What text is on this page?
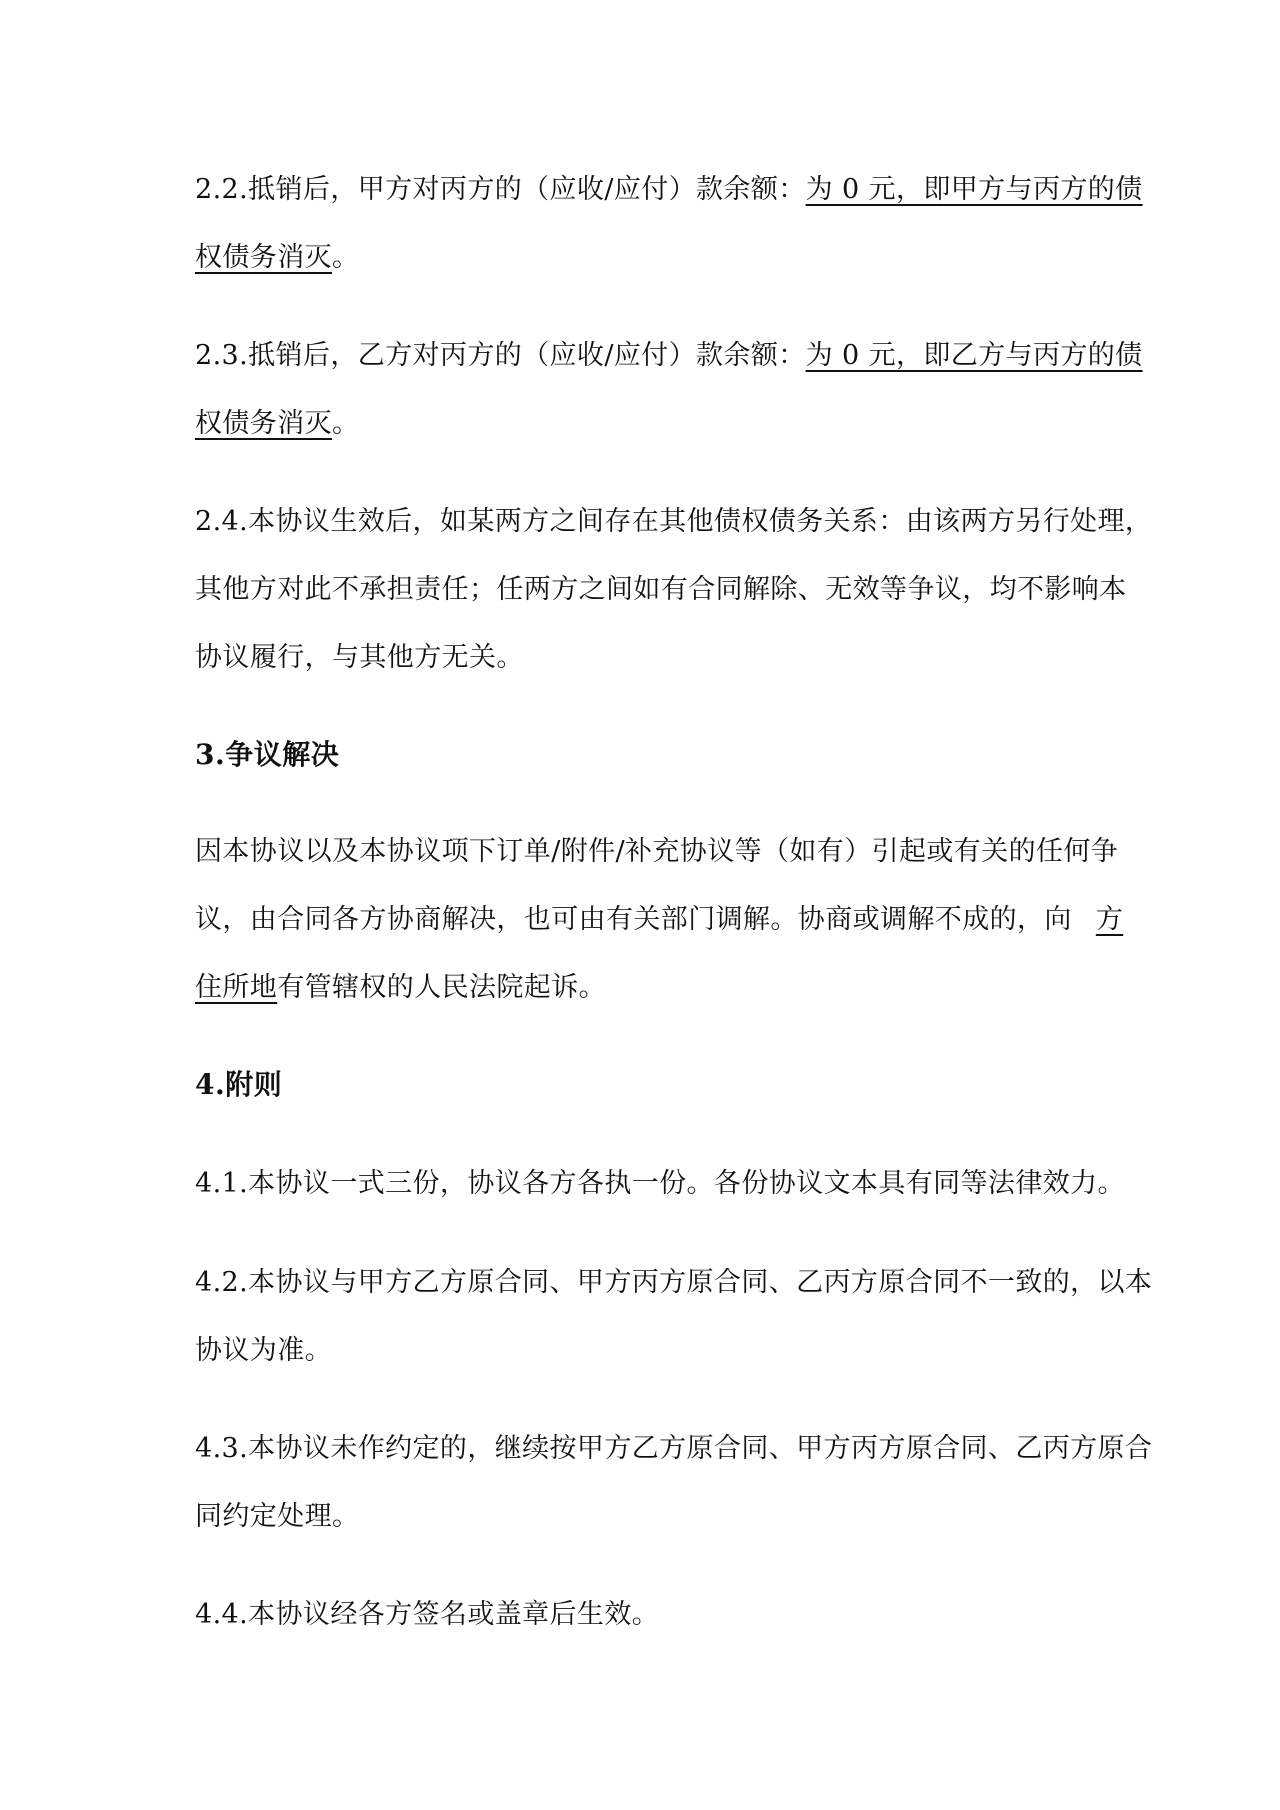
2.2.抵销后，甲方对丙方的（应收/应付）款余额：为 0 元，即甲方与丙方的债
权债务消灭。
2.3.抵销后，乙方对丙方的（应收/应付）款余额：为 0 元，即乙方与丙方的债
权债务消灭。
2.4.本协议生效后，如某两方之间存在其他债权债务关系：由该两方另行处理，
其他方对此不承担责任；任两方之间如有合同解除、无效等争议，均不影响本
协议履行，与其他方无关。
3.争议解决
因本协议以及本协议项下订单/附件/补充协议等（如有）引起或有关的任何争
议，由合同各方协商解决，也可由有关部门调解。协商或调解不成的，向 方
住所地有管辖权的人民法院起诉。
4.附则
4.1.本协议一式三份，协议各方各执一份。各份协议文本具有同等法律效力。
4.2.本协议与甲方乙方原合同、甲方丙方原合同、乙丙方原合同不一致的，以本
协议为准。
4.3.本协议未作约定的，继续按甲方乙方原合同、甲方丙方原合同、乙丙方原合
同约定处理。
4.4.本协议经各方签名或盖章后生效。
